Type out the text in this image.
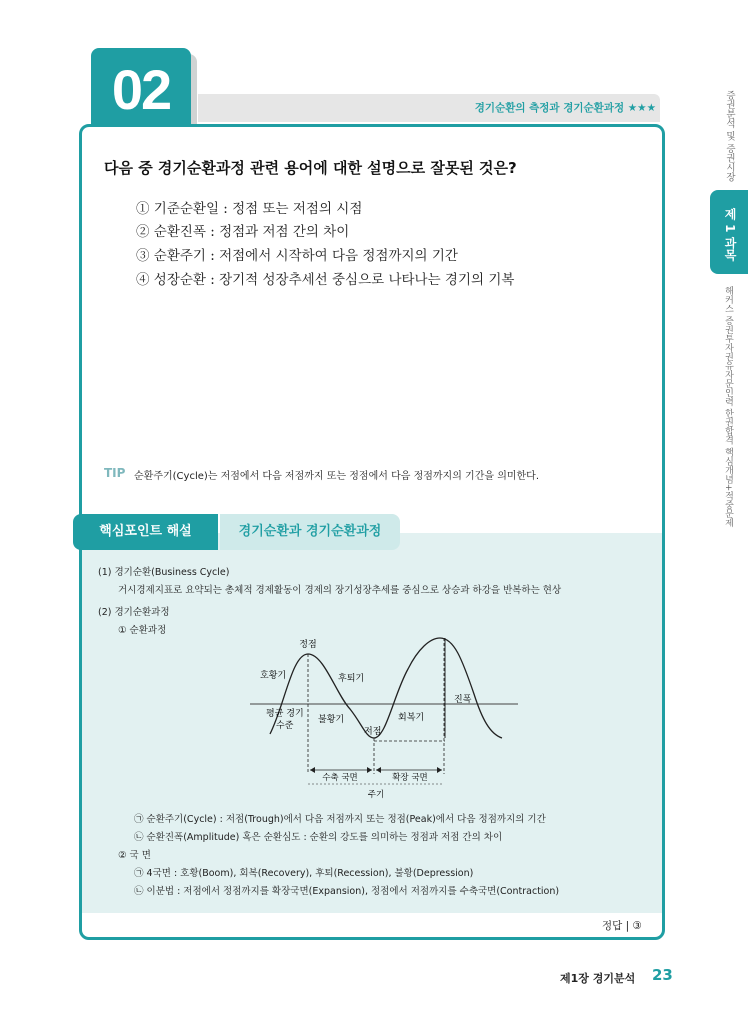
02	경기순환의 측정과 경기순환과정 ★★★
다음 중 경기순환과정 관련 용어에 대한 설명으로 잘못된 것은?
① 기준순환일 : 정점 또는 저점의 시점
② 순환진폭 : 정점과 저점 간의 차이
③ 순환주기 : 저점에서 시작하여 다음 정점까지의 기간
④ 성장순환 : 장기적 성장추세선 중심으로 나타나는 경기의 기복
TIP 순환주기(Cycle)는 저점에서 다음 저점까지 또는 정점에서 다음 정점까지의 기간을 의미한다.
핵심포인트 해설	경기순환과 경기순환과정
(1) 경기순환(Business Cycle)
거시경제지표로 요약되는 총체적 경제활동이 경제의 장기성장추세를 중심으로 상승과 하강을 반복하는 현상
(2) 경기순환과정
① 순환과정
정점
호황기	후퇴기
진폭
평균 경기
수준
불황기
저점
회복기
수축 국면	확장 국면
주기
㉠ 순환주기(Cycle) : 저점(Trough)에서 다음 저점까지 또는 정점(Peak)에서 다음 정점까지의 기간
㉡ 순환진폭(Amplitude) 혹은 순환심도 : 순환의 강도를 의미하는 정점과 저점 간의 차이
② 국 면
㉠ 4국면 : 호황(Boom), 회복(Recovery), 후퇴(Recession), 불황(Depression)
㉡ 이분법 : 저점에서 정점까지를 확장국면(Expansion), 정점에서 저점까지를 수축국면(Contraction)
정답 | ③
증권분석 및 증권시장
제 1 과목
해커스 증권투자권유자문인력 한권합격 핵심개념+적중문제
제1장 경기분석 23
